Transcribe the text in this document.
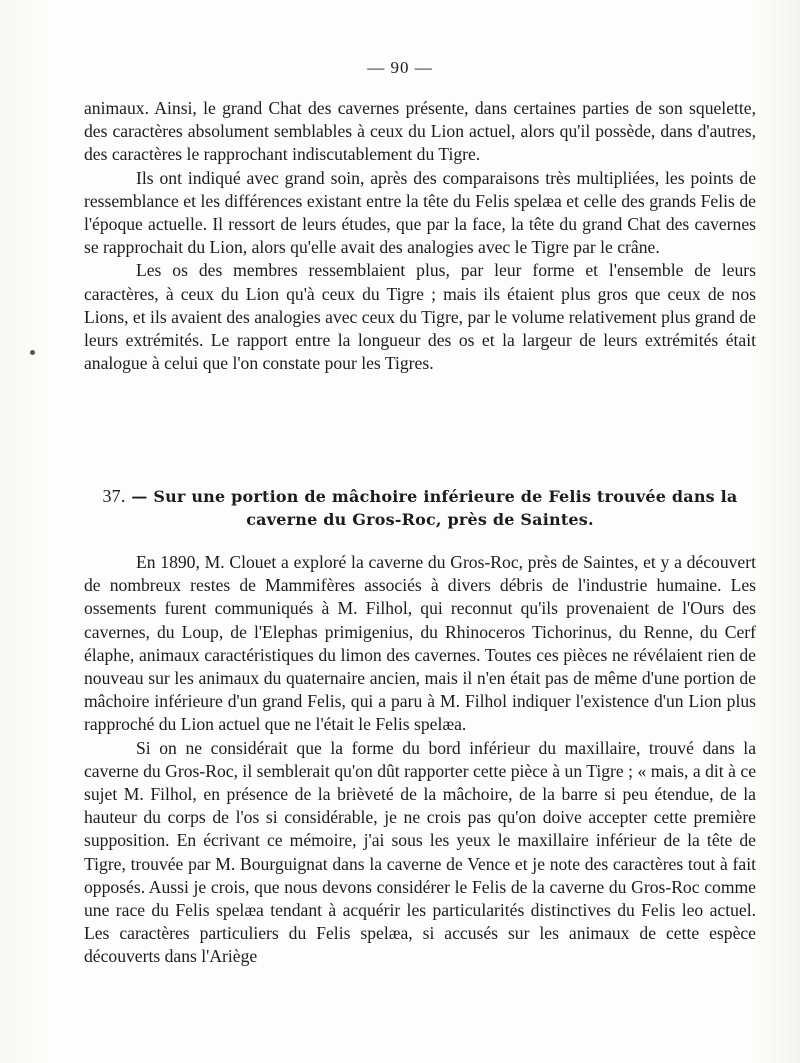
— 90 —

animaux. Ainsi, le grand Chat des cavernes présente, dans certaines parties de son squelette, des caractères absolument semblables à ceux du Lion actuel, alors qu'il possède, dans d'autres, des caractères le rapprochant indiscutablement du Tigre.

Ils ont indiqué avec grand soin, après des comparaisons très multipliées, les points de ressemblance et les différences existant entre la tête du Felis spelæa et celle des grands Felis de l'époque actuelle. Il ressort de leurs études, que par la face, la tête du grand Chat des cavernes se rapprochait du Lion, alors qu'elle avait des analogies avec le Tigre par le crâne.

Les os des membres ressemblaient plus, par leur forme et l'ensemble de leurs caractères, à ceux du Lion qu'à ceux du Tigre ; mais ils étaient plus gros que ceux de nos Lions, et ils avaient des analogies avec ceux du Tigre, par le volume relativement plus grand de leurs extrémités. Le rapport entre la longueur des os et la largeur de leurs extrémités était analogue à celui que l'on constate pour les Tigres.

37. — Sur une portion de mâchoire inférieure de Felis trouvée dans la caverne du Gros-Roc, près de Saintes.

En 1890, M. Clouet a exploré la caverne du Gros-Roc, près de Saintes, et y a découvert de nombreux restes de Mammifères associés à divers débris de l'industrie humaine. Les ossements furent communiqués à M. Filhol, qui reconnut qu'ils provenaient de l'Ours des cavernes, du Loup, de l'Elephas primigenius, du Rhinoceros Tichorinus, du Renne, du Cerf élaphe, animaux caractéristiques du limon des cavernes. Toutes ces pièces ne révélaient rien de nouveau sur les animaux du quaternaire ancien, mais il n'en était pas de même d'une portion de mâchoire inférieure d'un grand Felis, qui a paru à M. Filhol indiquer l'existence d'un Lion plus rapproché du Lion actuel que ne l'était le Felis spelæa.

Si on ne considérait que la forme du bord inférieur du maxillaire, trouvé dans la caverne du Gros-Roc, il semblerait qu'on dût rapporter cette pièce à un Tigre ; « mais, a dit à ce sujet M. Filhol, en présence de la brièveté de la mâchoire, de la barre si peu étendue, de la hauteur du corps de l'os si considérable, je ne crois pas qu'on doive accepter cette première supposition. En écrivant ce mémoire, j'ai sous les yeux le maxillaire inférieur de la tête de Tigre, trouvée par M. Bourguignat dans la caverne de Vence et je note des caractères tout à fait opposés. Aussi je crois, que nous devons considérer le Felis de la caverne du Gros-Roc comme une race du Felis spelæa tendant à acquérir les particularités distinctives du Felis leo actuel. Les caractères particuliers du Felis spelæa, si accusés sur les animaux de cette espèce découverts dans l'Ariège
